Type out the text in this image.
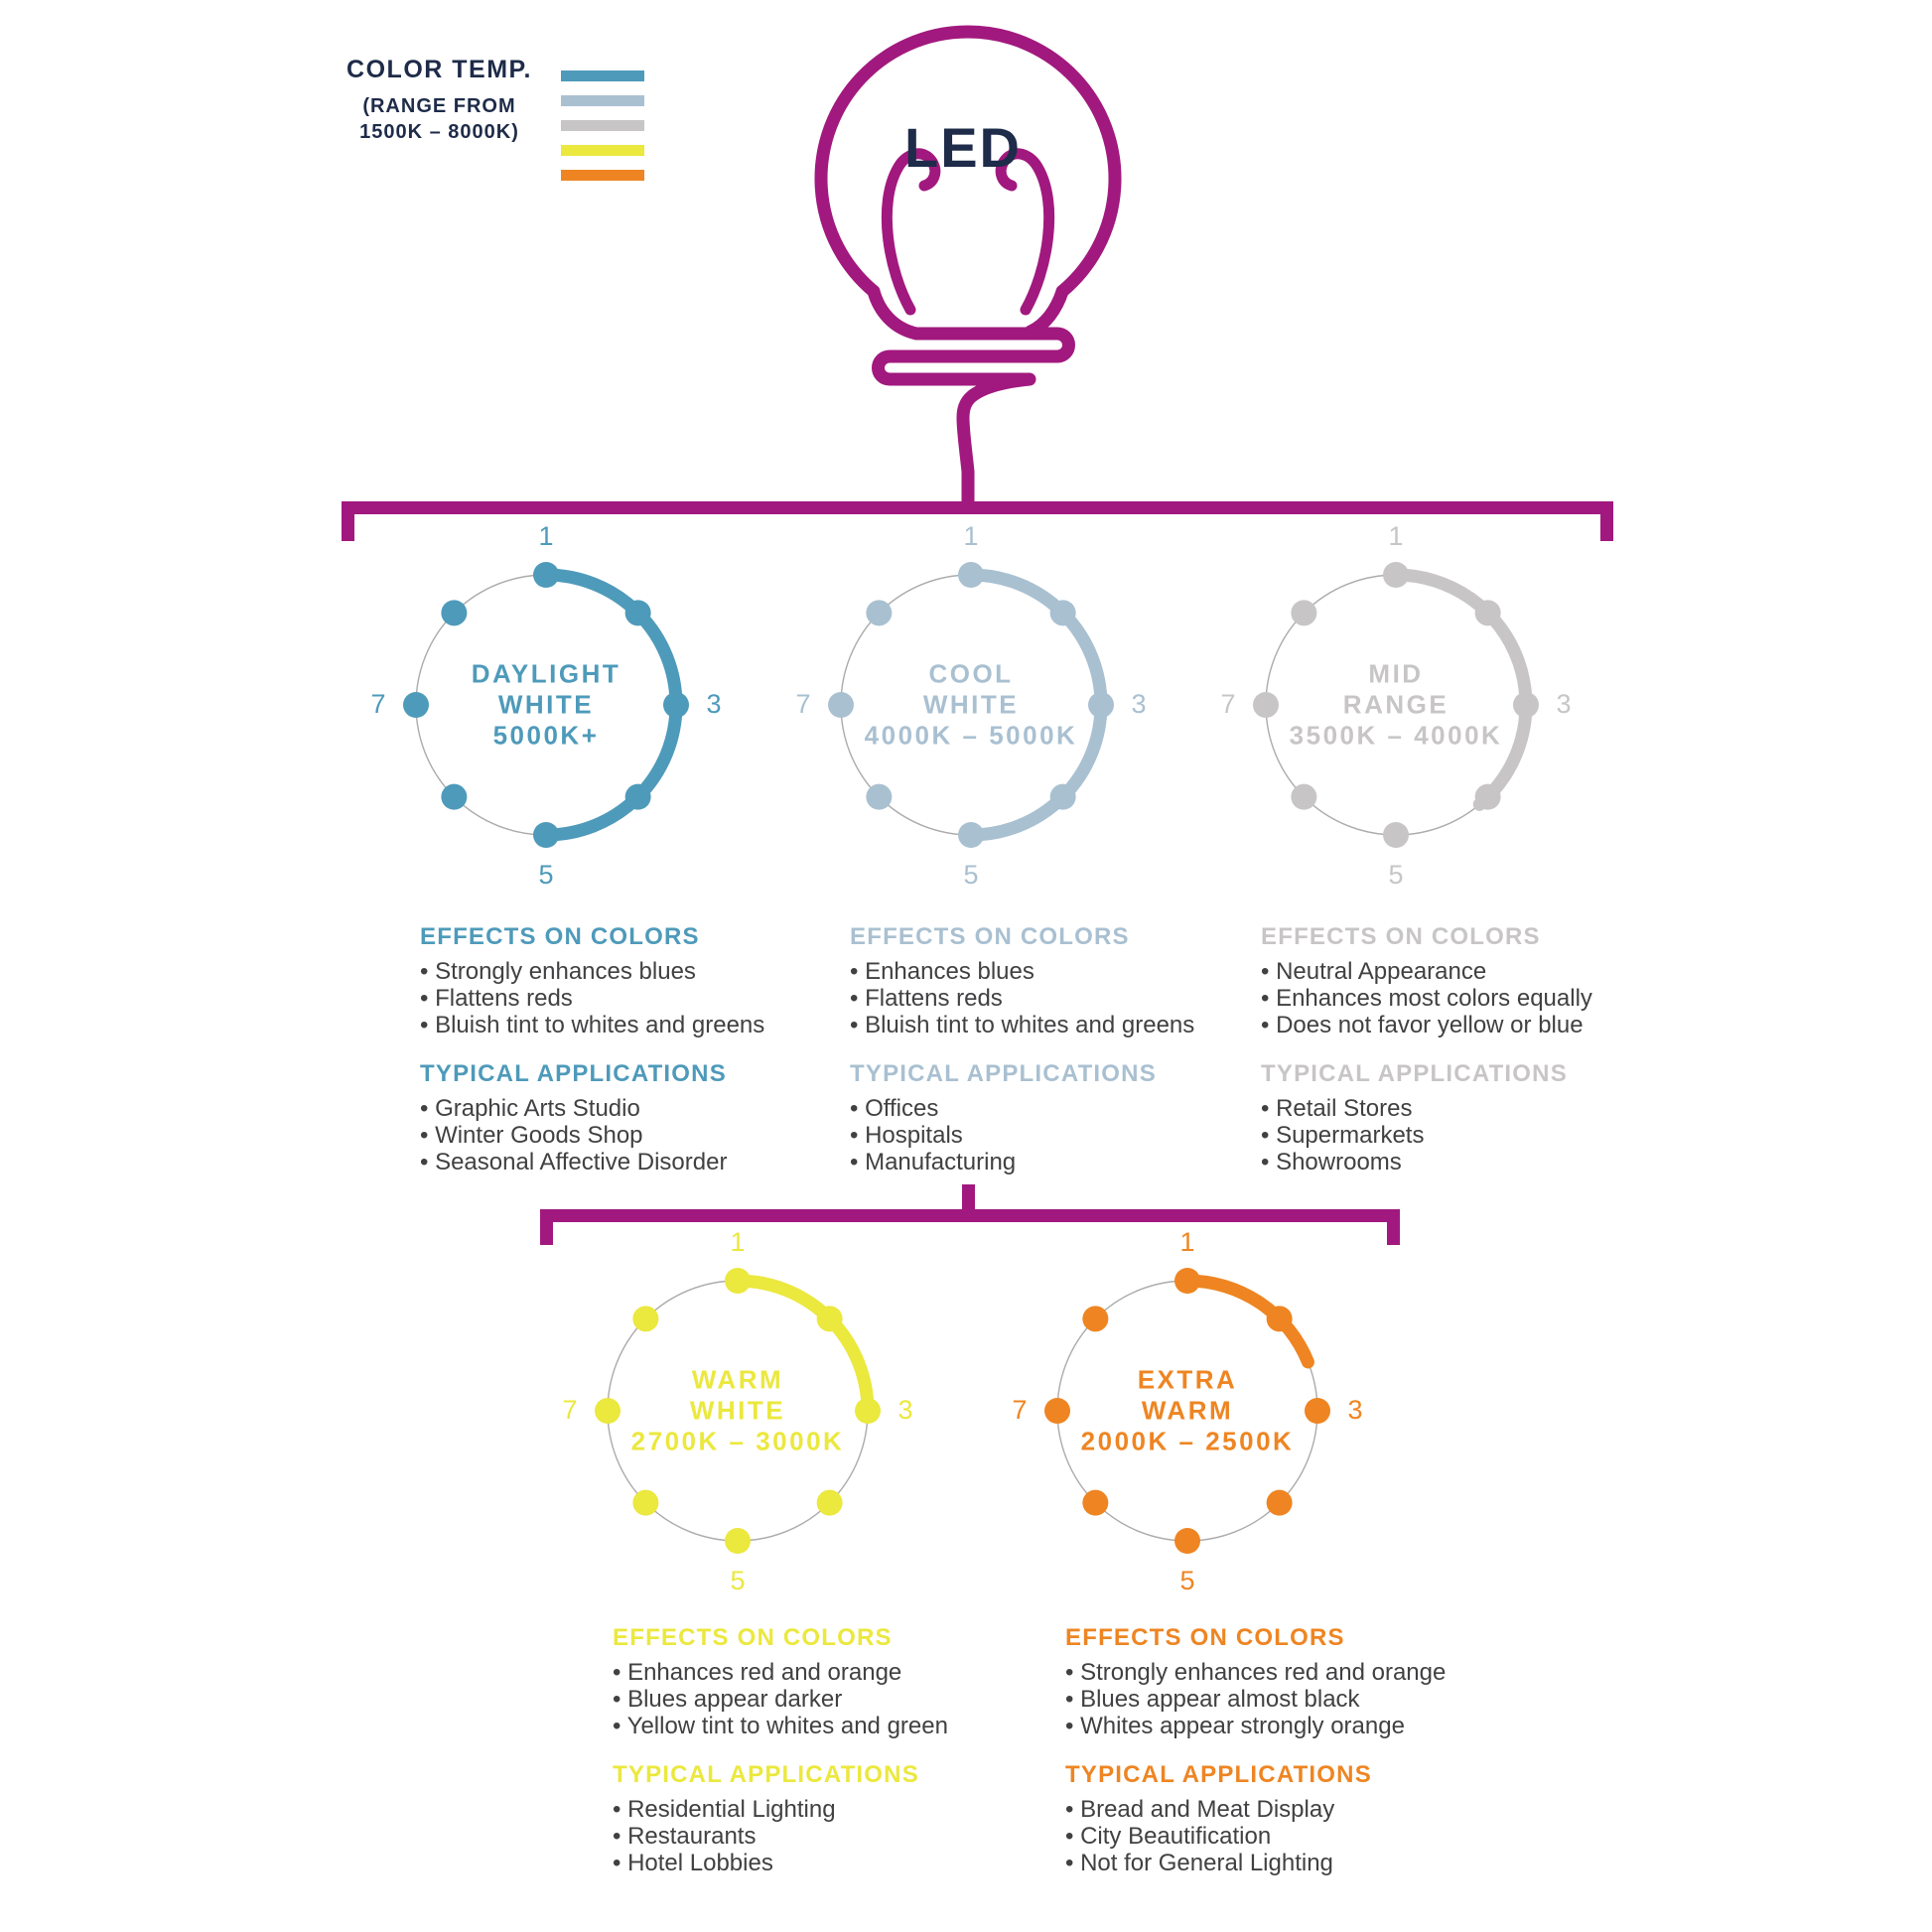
COLOR TEMP.
(RANGE FROM
1500K – 8000K)	LED
1
3
5
7
DAYLIGHT
WHITE
5000K+
1
3
5
7
COOL
WHITE
4000K – 5000K
1
3
5
7
MID
RANGE
3500K – 4000K
1
3
5
7
WARM
WHITE
2700K – 3000K
1
3
5
7
EXTRA
WARM
2000K – 2500K
EFFECTS ON COLORS
• Strongly enhances blues
• Flattens reds
• Bluish tint to whites and greens
TYPICAL APPLICATIONS
• Graphic Arts Studio
• Winter Goods Shop
• Seasonal Affective Disorder
EFFECTS ON COLORS
• Enhances blues
• Flattens reds
• Bluish tint to whites and greens
TYPICAL APPLICATIONS
• Offices
• Hospitals
• Manufacturing
EFFECTS ON COLORS
• Neutral Appearance
• Enhances most colors equally
• Does not favor yellow or blue
TYPICAL APPLICATIONS
• Retail Stores
• Supermarkets
• Showrooms
EFFECTS ON COLORS
• Enhances red and orange
• Blues appear darker
• Yellow tint to whites and green
TYPICAL APPLICATIONS
• Residential Lighting
• Restaurants
• Hotel Lobbies
EFFECTS ON COLORS
• Strongly enhances red and orange
• Blues appear almost black
• Whites appear strongly orange
TYPICAL APPLICATIONS
• Bread and Meat Display
• City Beautification
• Not for General Lighting
